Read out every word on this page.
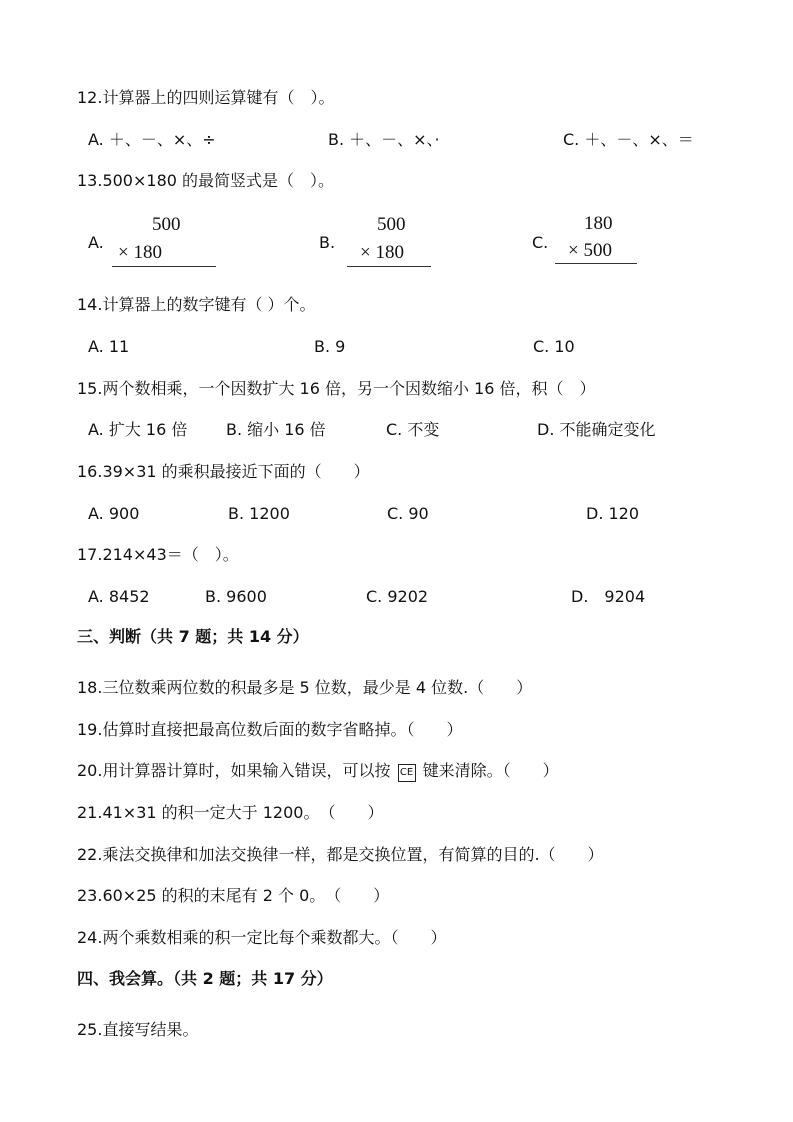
12.计算器上的四则运算键有（　）。
A. ＋、－、×、÷	B. ＋、－、×、·	C. ＋、－、×、＝
13.500×180 的最简竖式是（　）。
A.
500
× 180	B.
500
× 180	C.
180
× 500
14.计算器上的数字键有（ ）个。
A. 11	B. 9	C. 10
15.两个数相乘，一个因数扩大 16 倍，另一个因数缩小 16 倍，积（　）
A. 扩大 16 倍 B. 缩小 16 倍	C. 不变	D. 不能确定变化
16.39×31 的乘积最接近下面的（　　）
A. 900	B. 1200	C. 90	D. 120
17.214×43＝（　）。
A. 8452	B. 9600	C. 9202	D.　9204
三、判断（共 7 题；共 14 分）
18.三位数乘两位数的积最多是 5 位数，最少是 4 位数.（　　）
19.估算时直接把最高位数后面的数字省略掉。（　　）
20.用计算器计算时，如果输入错误，可以按 CE 键来清除。（　　）
21.41×31 的积一定大于 1200。　（　　）
22.乘法交换律和加法交换律一样，都是交换位置，有简算的目的.（　　）
23.60×25 的积的末尾有 2 个 0。　（　　）
24.两个乘数相乘的积一定比每个乘数都大。（　　）
四、我会算。（共 2 题；共 17 分）
25.直接写结果。
